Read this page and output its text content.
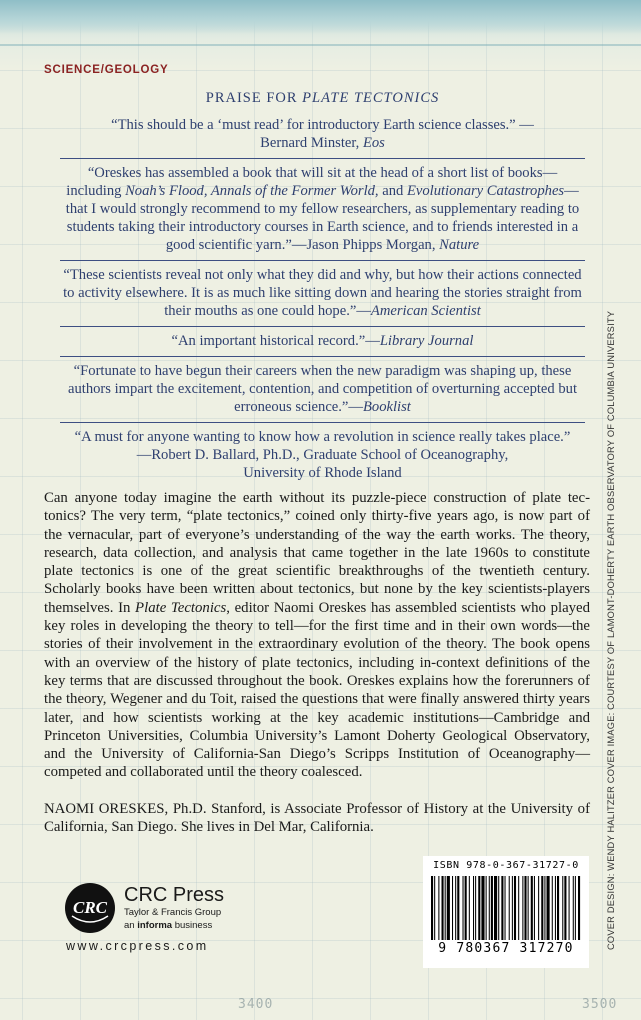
3400	3500
SCIENCE/GEOLOGY
PRAISE FOR PLATE TECTONICS
“This should be a ‘must read’ for introductory Earth science classes.” —Bernard Minster, Eos
“Oreskes has assembled a book that will sit at the head of a short list of books— including Noah’s Flood, Annals of the Former World, and Evolutionary Catastrophes— that I would strongly recommend to my fellow researchers, as supplementary reading to students taking their introductory courses in Earth science, and to friends interested in a good scientific yarn.”—Jason Phipps Morgan, Nature
“These scientists reveal not only what they did and why, but how their actions connected to activity elsewhere. It is as much like sitting down and hearing the stories straight from their mouths as one could hope.”—American Scientist
“An important historical record.”—Library Journal
“Fortunate to have begun their careers when the new paradigm was shaping up, these authors impart the excitement, contention, and competition of overturning accepted but erroneous science.”—Booklist
“A must for anyone wanting to know how a revolution in science really takes place.”
—Robert D. Ballard, Ph.D., Graduate School of Oceanography,
University of Rhode Island
Can anyone today imagine the earth without its puzzle-piece construction of plate tectonics? The very term, “plate tectonics,” coined only thirty-five years ago, is now part of the vernacular, part of everyone’s understanding of the way the earth works. The theory, research, data collection, and analysis that came together in the late 1960s to constitute plate tectonics is one of the great scientific breakthroughs of the twentieth century. Scholarly books have been written about tectonics, but none by the key scientists-players themselves. In Plate Tectonics, editor Naomi Oreskes has assembled scientists who played key roles in developing the theory to tell—for the first time and in their own words—the stories of their involvement in the extraordinary evolution of the theory. The book opens with an overview of the history of plate tectonics, including in-context definitions of the key terms that are discussed throughout the book. Oreskes explains how the forerunners of the theory, Wegener and du Toit, raised the questions that were finally answered thirty years later, and how scientists working at the key academic institutions—Cambridge and Princeton Universities, Columbia University’s Lamont Doherty Geological Observatory, and the University of California-San Diego’s Scripps Institution of Oceanography—competed and collaborated until the theory coalesced.
NAOMI ORESKES, Ph.D. Stanford, is Associate Professor of History at the University of California, San Diego. She lives in Del Mar, California.	COVER DESIGN: WENDY HALITZER COVER IMAGE: COURTESY OF LAMONT-DOHERTY EARTH OBSERVATORY OF COLUMBIA UNIVERSITY
CRC
CRC Press
Taylor & Francis Group
an informa business
www.crcpress.com
ISBN 978-0-367-31727-0
9 780367 317270
